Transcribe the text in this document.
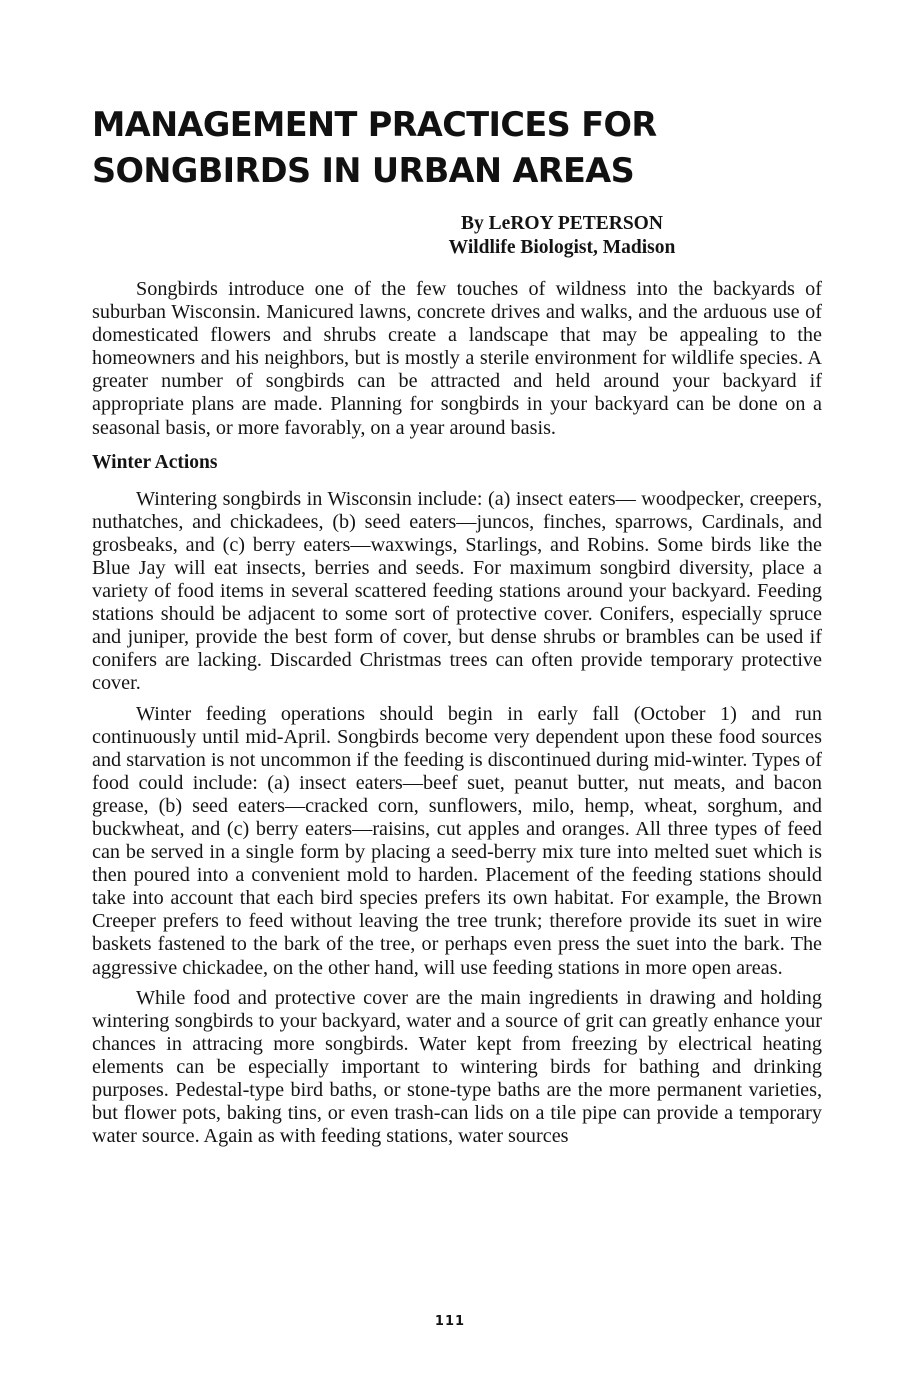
MANAGEMENT PRACTICES FOR
SONGBIRDS IN URBAN AREAS
By LeROY PETERSON
Wildlife Biologist, Madison

Songbirds introduce one of the few touches of wildness into the backyards of suburban Wisconsin. Manicured lawns, concrete drives and walks, and the arduous use of domesticated flowers and shrubs create a landscape that may be appealing to the homeowners and his neighbors, but is mostly a sterile environment for wildlife species. A greater number of songbirds can be attracted and held around your backyard if appropriate plans are made. Planning for songbirds in your backyard can be done on a seasonal basis, or more favorably, on a year around basis.

Winter Actions

Wintering songbirds in Wisconsin include: (a) insect eaters— woodpecker, creepers, nuthatches, and chickadees, (b) seed eaters—juncos, finches, sparrows, Cardinals, and grosbeaks, and (c) berry eaters—waxwings, Starlings, and Robins. Some birds like the Blue Jay will eat insects, berries and seeds. For maximum songbird diversity, place a variety of food items in several scattered feeding stations around your backyard. Feeding stations should be adjacent to some sort of protective cover. Conifers, especially spruce and juniper, provide the best form of cover, but dense shrubs or brambles can be used if conifers are lacking. Discarded Christmas trees can often provide temporary protective cover.

Winter feeding operations should begin in early fall (October 1) and run continuously until mid-April. Songbirds become very dependent upon these food sources and starvation is not uncommon if the feeding is discontinued during mid-winter. Types of food could include: (a) insect eaters—beef suet, peanut butter, nut meats, and bacon grease, (b) seed eaters—cracked corn, sunflowers, milo, hemp, wheat, sorghum, and buckwheat, and (c) berry eaters—raisins, cut apples and oranges. All three types of feed can be served in a single form by placing a seed-berry mix ture into melted suet which is then poured into a convenient mold to harden. Placement of the feeding stations should take into account that each bird species prefers its own habitat. For example, the Brown Creeper prefers to feed without leaving the tree trunk; therefore provide its suet in wire baskets fastened to the bark of the tree, or perhaps even press the suet into the bark. The aggressive chickadee, on the other hand, will use feeding stations in more open areas.

While food and protective cover are the main ingredients in drawing and holding wintering songbirds to your backyard, water and a source of grit can greatly enhance your chances in attracing more songbirds. Water kept from freezing by electrical heating elements can be especially important to wintering birds for bathing and drinking purposes. Pedestal-type bird baths, or stone-type baths are the more permanent varieties, but flower pots, baking tins, or even trash-can lids on a tile pipe can provide a temporary water source. Again as with feeding stations, water sources

111
